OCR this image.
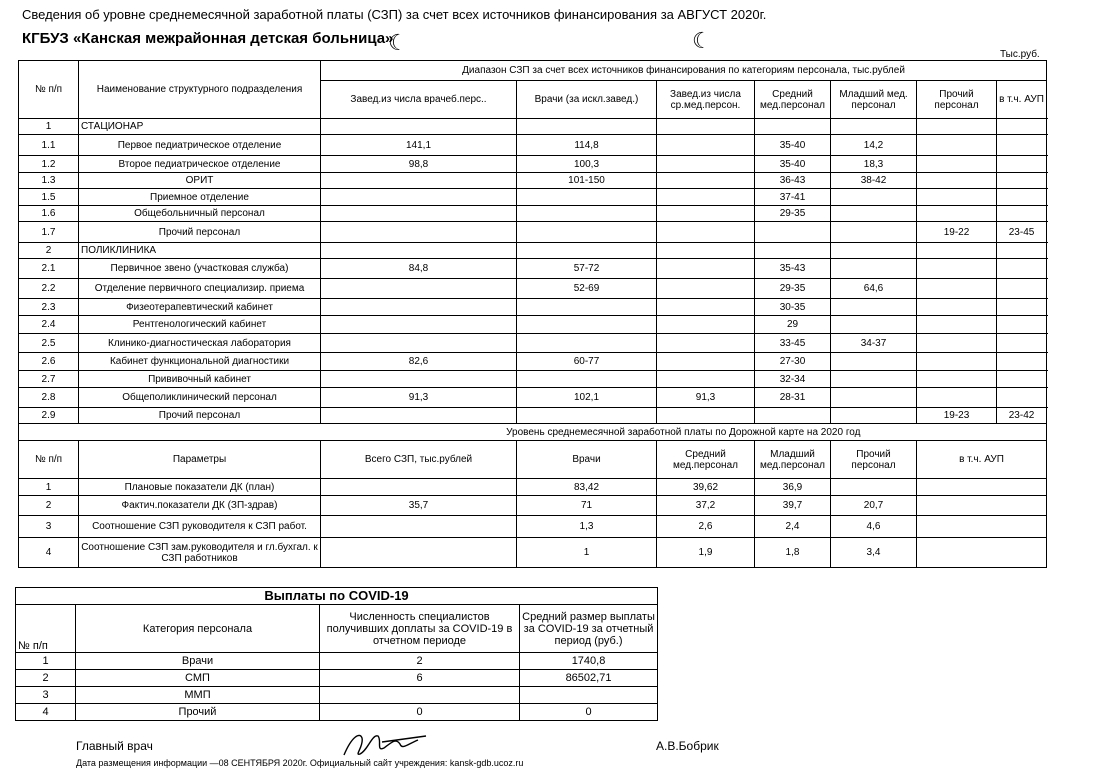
Сведения об уровне среднемесячной заработной платы (СЗП) за счет всех источников финансирования за АВГУСТ 2020г.
КГБУЗ «Канская межрайонная детская больница»
☾	☾
Тыс.руб.
№ п/п	Наименование структурного подразделения	Диапазон СЗП за счет всех источников финансирования по категориям персонала, тыс.рублей						
		Завед.из числа врачеб.перс..	Врачи (за искл.завед.)	Завед.из числа ср.мед.персон.	Средний мед.персонал	Младший мед. персонал	Прочий персонал	в т.ч. АУП
1	СТАЦИОНАР							
1.1	Первое педиатрическое отделение	141,1	114,8		35-40	14,2		
1.2	Второе педиатрическое отделение	98,8	100,3		35-40	18,3		
1.3	ОРИТ		101-150		36-43	38-42		
1.5	Приемное отделение				37-41			
1.6	Общебольничный персонал				29-35			
1.7	Прочий персонал						19-22	23-45
2	ПОЛИКЛИНИКА							
2.1	Первичное звено (участковая служба)	84,8	57-72		35-43			
2.2	Отделение первичного специализир. приема		52-69		29-35	64,6		
2.3	Физеотерапевтический кабинет				30-35			
2.4	Рентгенологический кабинет				29			
2.5	Клинико-диагностическая лаборатория				33-45	34-37		
2.6	Кабинет функциональной диагностики	82,6	60-77		27-30			
2.7	Прививочный кабинет				32-34			
2.8	Общеполиклинический персонал	91,3	102,1	91,3	28-31			
2.9	Прочий персонал						19-23	23-42
		Уровень среднемесячной заработной платы по Дорожной карте на 2020 год						
№ п/п	Параметры	Всего СЗП, тыс.рублей	Врачи	Средний мед.персонал	Младший мед.персонал	Прочий персонал	в т.ч. АУП	
1	Плановые показатели ДК (план)		83,42	39,62	36,9			
2	Фактич.показатели ДК (ЗП-здрав)	35,7	71	37,2	39,7	20,7		
3	Соотношение СЗП руководителя к СЗП работ.		1,3	2,6	2,4	4,6		
4	Соотношение СЗП зам.руководителя и гл.бухгал. к СЗП работников		1	1,9	1,8	3,4		
Выплаты по COVID-19			
№ п/п	Категория персонала	Численность специалистов получивших доплаты за COVID-19 в отчетном периоде	Средний размер выплаты за COVID-19 за отчетный период (руб.)
1	Врачи	2	1740,8
2	СМП	6	86502,71
3	ММП		
4	Прочий	0	0
Главный врач	А.В.Бобрик
Дата размещения информации —08 СЕНТЯБРЯ 2020г. Официальный сайт учреждения: kansk-gdb.ucoz.ru
